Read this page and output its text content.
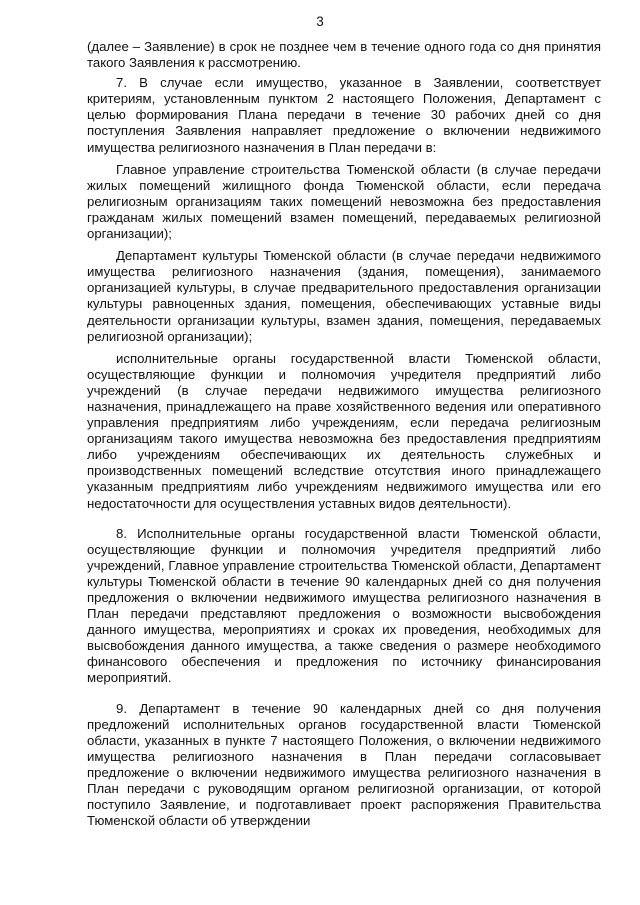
3

(далее – Заявление) в срок не позднее чем в течение одного года со дня принятия такого Заявления к рассмотрению.

7. В случае если имущество, указанное в Заявлении, соответствует критериям, установленным пунктом 2 настоящего Положения, Департамент с целью формирования Плана передачи в течение 30 рабочих дней со дня поступления Заявления направляет предложение о включении недвижимого имущества религиозного назначения в План передачи в:

Главное управление строительства Тюменской области (в случае передачи жилых помещений жилищного фонда Тюменской области, если передача религиозным организациям таких помещений невозможна без предоставления гражданам жилых помещений взамен помещений, передаваемых религиозной организации);

Департамент культуры Тюменской области (в случае передачи недвижимого имущества религиозного назначения (здания, помещения), занимаемого организацией культуры, в случае предварительного предоставления организации культуры равноценных здания, помещения, обеспечивающих уставные виды деятельности организации культуры, взамен здания, помещения, передаваемых религиозной организации);

исполнительные органы государственной власти Тюменской области, осуществляющие функции и полномочия учредителя предприятий либо учреждений (в случае передачи недвижимого имущества религиозного назначения, принадлежащего на праве хозяйственного ведения или оперативного управления предприятиям либо учреждениям, если передача религиозным организациям такого имущества невозможна без предоставления предприятиям либо учреждениям обеспечивающих их деятельность служебных и производственных помещений вследствие отсутствия иного принадлежащего указанным предприятиям либо учреждениям недвижимого имущества или его недостаточности для осуществления уставных видов деятельности).

8. Исполнительные органы государственной власти Тюменской области, осуществляющие функции и полномочия учредителя предприятий либо учреждений, Главное управление строительства Тюменской области, Департамент культуры Тюменской области в течение 90 календарных дней со дня получения предложения о включении недвижимого имущества религиозного назначения в План передачи представляют предложения о возможности высвобождения данного имущества, мероприятиях и сроках их проведения, необходимых для высвобождения данного имущества, а также сведения о размере необходимого финансового обеспечения и предложения по источнику финансирования мероприятий.

9. Департамент в течение 90 календарных дней со дня получения предложений исполнительных органов государственной власти Тюменской области, указанных в пункте 7 настоящего Положения, о включении недвижимого имущества религиозного назначения в План передачи согласовывает предложение о включении недвижимого имущества религиозного назначения в План передачи с руководящим органом религиозной организации, от которой поступило Заявление, и подготавливает проект распоряжения Правительства Тюменской области об утверждении
